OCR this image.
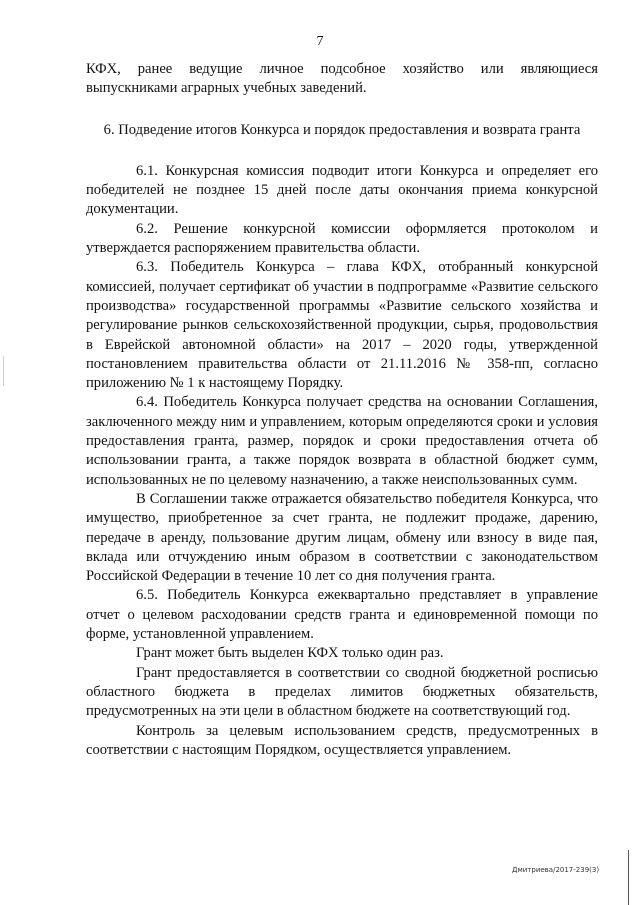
7

КФХ, ранее ведущие личное подсобное хозяйство или являющиеся выпускниками аграрных учебных заведений.

6. Подведение итогов Конкурса и порядок предоставления и возврата гранта

6.1. Конкурсная комиссия подводит итоги Конкурса и определяет его победителей не позднее 15 дней после даты окончания приема конкурсной документации.

6.2. Решение конкурсной комиссии оформляется протоколом и утверждается распоряжением правительства области.

6.3. Победитель Конкурса – глава КФХ, отобранный конкурсной комиссией, получает сертификат об участии в подпрограмме «Развитие сельского производства» государственной программы «Развитие сельского хозяйства и регулирование рынков сельскохозяйственной продукции, сырья, продовольствия в Еврейской автономной области» на 2017 – 2020 годы, утвержденной постановлением правительства области от 21.11.2016 № 358-пп, согласно приложению № 1 к настоящему Порядку.

6.4. Победитель Конкурса получает средства на основании Соглашения, заключенного между ним и управлением, которым определяются сроки и условия предоставления гранта, размер, порядок и сроки предоставления отчета об использовании гранта, а также порядок возврата в областной бюджет сумм, использованных не по целевому назначению, а также неиспользованных сумм.

В Соглашении также отражается обязательство победителя Конкурса, что имущество, приобретенное за счет гранта, не подлежит продаже, дарению, передаче в аренду, пользование другим лицам, обмену или взносу в виде пая, вклада или отчуждению иным образом в соответствии с законодательством Российской Федерации в течение 10 лет со дня получения гранта.

6.5. Победитель Конкурса ежеквартально представляет в управление отчет о целевом расходовании средств гранта и единовременной помощи по форме, установленной управлением.

Грант может быть выделен КФХ только один раз.

Грант предоставляется в соответствии со сводной бюджетной росписью областного бюджета в пределах лимитов бюджетных обязательств, предусмотренных на эти цели в областном бюджете на соответствующий год.

Контроль за целевым использованием средств, предусмотренных в соответствии с настоящим Порядком, осуществляется управлением.

Дмитриева/2017-239(3)
